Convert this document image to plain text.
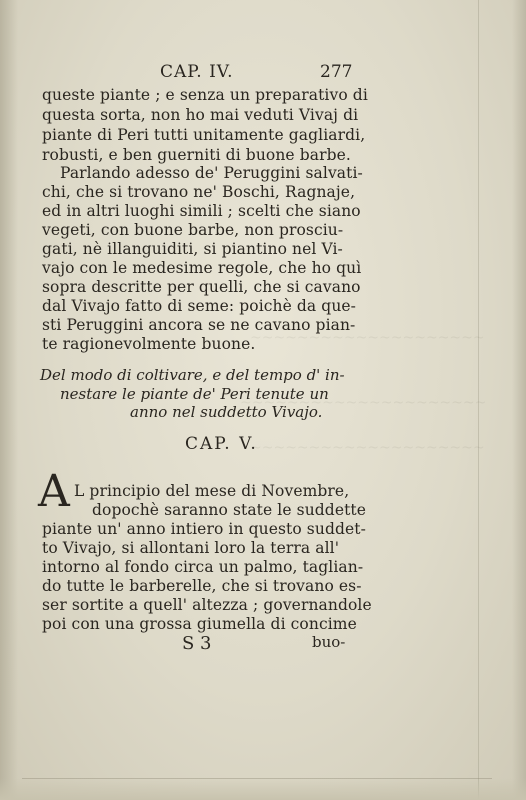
~~~~~~~~~~~~~~~~~~~~
~~~~~~~~~~~~~~~~~~~~~
~~~~~~~~~~~~~~~~~~~~
CAP. IV.	277
queste piante ; e senza un preparativo di
questa sorta, non ho mai veduti Vivaj di
piante di Peri tutti unitamente gagliardi,
robusti, e ben guerniti di buone barbe.
Parlando adesso de' Peruggini salvati-
chi, che si trovano ne' Boschi, Ragnaje,
ed in altri luoghi simili ; scelti che siano
vegeti, con buone barbe, non prosciu-
gati, nè illanguiditi, si piantino nel Vi-
vajo con le medesime regole, che ho quì
sopra descritte per quelli, che si cavano
dal Vivajo fatto di seme: poichè da que-
sti Peruggini ancora se ne cavano pian-
te ragionevolmente buone.
Del modo di coltivare, e del tempo d' in-
nestare le piante de' Peri tenute un
anno nel suddetto Vivajo.
CAP. V.
A L principio del mese di Novembre,
dopochè saranno state le suddette
piante un' anno intiero in questo suddet-
to Vivajo, si allontani loro la terra all'
intorno al fondo circa un palmo, taglian-
do tutte le barberelle, che si trovano es-
ser sortite a quell' altezza ; governandole
poi con una grossa giumella di concime
S 3	buo-
